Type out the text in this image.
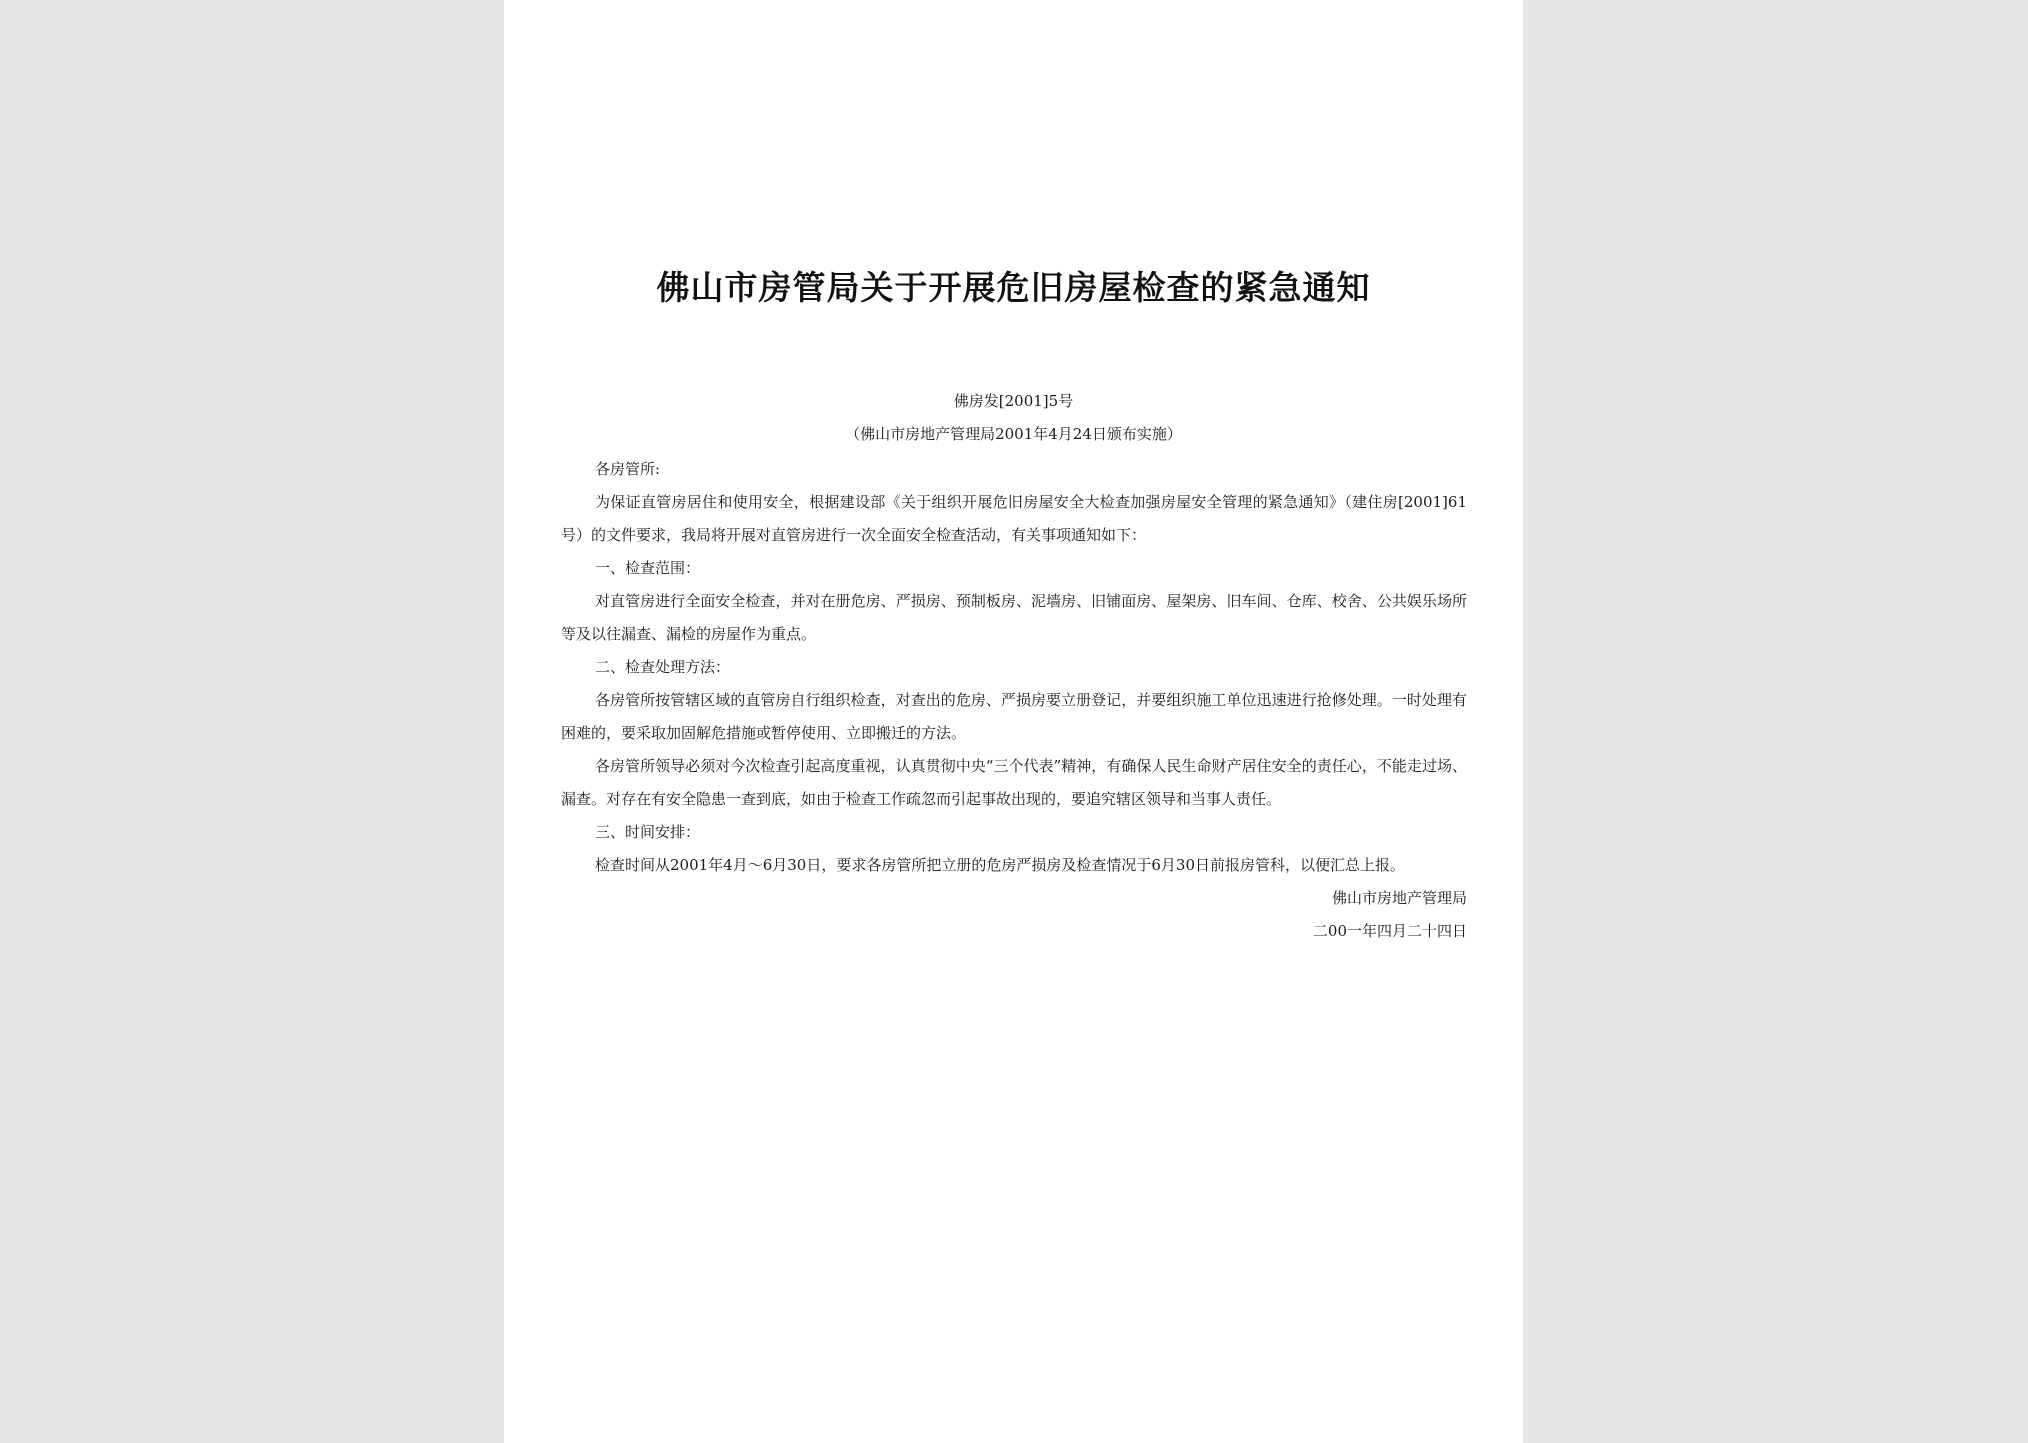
佛山市房管局关于开展危旧房屋检查的紧急通知
佛房发[2001]5号
（佛山市房地产管理局2001年4月24日颁布实施）

各房管所:

为保证直管房居住和使用安全，根据建设部《关于组织开展危旧房屋安全大检查加强房屋安全管理的紧急通知》（建住房[2001]61号）的文件要求，我局将开展对直管房进行一次全面安全检查活动，有关事项通知如下：

一、检查范围：

对直管房进行全面安全检查，并对在册危房、严损房、预制板房、泥墙房、旧铺面房、屋架房、旧车间、仓库、校舍、公共娱乐场所等及以往漏查、漏检的房屋作为重点。

二、检查处理方法：

各房管所按管辖区域的直管房自行组织检查，对查出的危房、严损房要立册登记，并要组织施工单位迅速进行抢修处理。一时处理有困难的，要采取加固解危措施或暂停使用、立即搬迁的方法。

各房管所领导必须对今次检查引起高度重视，认真贯彻中央“三个代表”精神，有确保人民生命财产居住安全的责任心，不能走过场、漏查。对存在有安全隐患一查到底，如由于检查工作疏忽而引起事故出现的，要追究辖区领导和当事人责任。

三、时间安排：

检查时间从2001年4月～6月30日，要求各房管所把立册的危房严损房及检查情况于6月30日前报房管科，以便汇总上报。

佛山市房地产管理局

二00一年四月二十四日
